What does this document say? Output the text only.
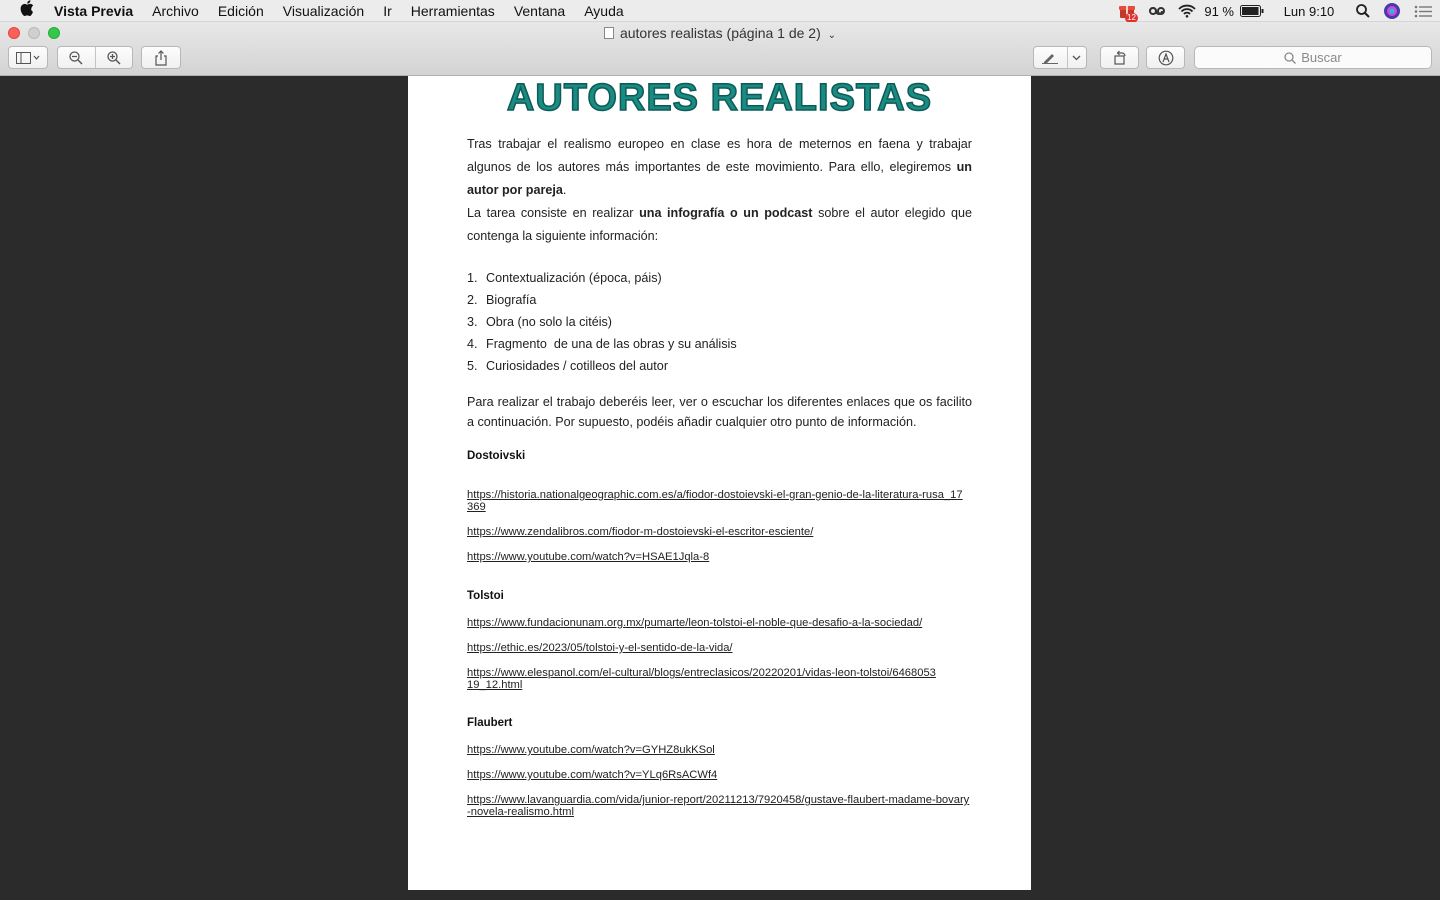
Vista Previa	Archivo	Edición	Visualización	Ir	Herramientas	Ventana	Ayuda	12	91 %	Lun 9:10
autores realistas (página 1 de 2) ⌄
Buscar
AUTORES REALISTAS
Tras trabajar el realismo europeo en clase es hora de meternos en faena y trabajar algunos de los autores más importantes de este movimiento. Para ello, elegiremos un autor por pareja.
La tarea consiste en realizar una infografía o un podcast sobre el autor elegido que contenga la siguiente información:
1. Contextualización (época, páis)
2. Biografía
3. Obra (no solo la citéis)
4. Fragmento  de una de las obras y su análisis
5. Curiosidades / cotilleos del autor
Para realizar el trabajo deberéis leer, ver o escuchar los diferentes enlaces que os facilito a continuación. Por supuesto, podéis añadir cualquier otro punto de información.
Dostoivski
https://historia.nationalgeographic.com.es/a/fiodor-dostoievski-el-gran-genio-de-la-literatura-rusa_17369
https://www.zendalibros.com/fiodor-m-dostoievski-el-escritor-esciente/
https://www.youtube.com/watch?v=HSAE1Jqla-8
Tolstoi
https://www.fundacionunam.org.mx/pumarte/leon-tolstoi-el-noble-que-desafio-a-la-sociedad/
https://ethic.es/2023/05/tolstoi-y-el-sentido-de-la-vida/
https://www.elespanol.com/el-cultural/blogs/entreclasicos/20220201/vidas-leon-tolstoi/646805319_12.html
Flaubert
https://www.youtube.com/watch?v=GYHZ8ukKSol
https://www.youtube.com/watch?v=YLq6RsACWf4
https://www.lavanguardia.com/vida/junior-report/20211213/7920458/gustave-flaubert-madame-bovary-novela-realismo.html
